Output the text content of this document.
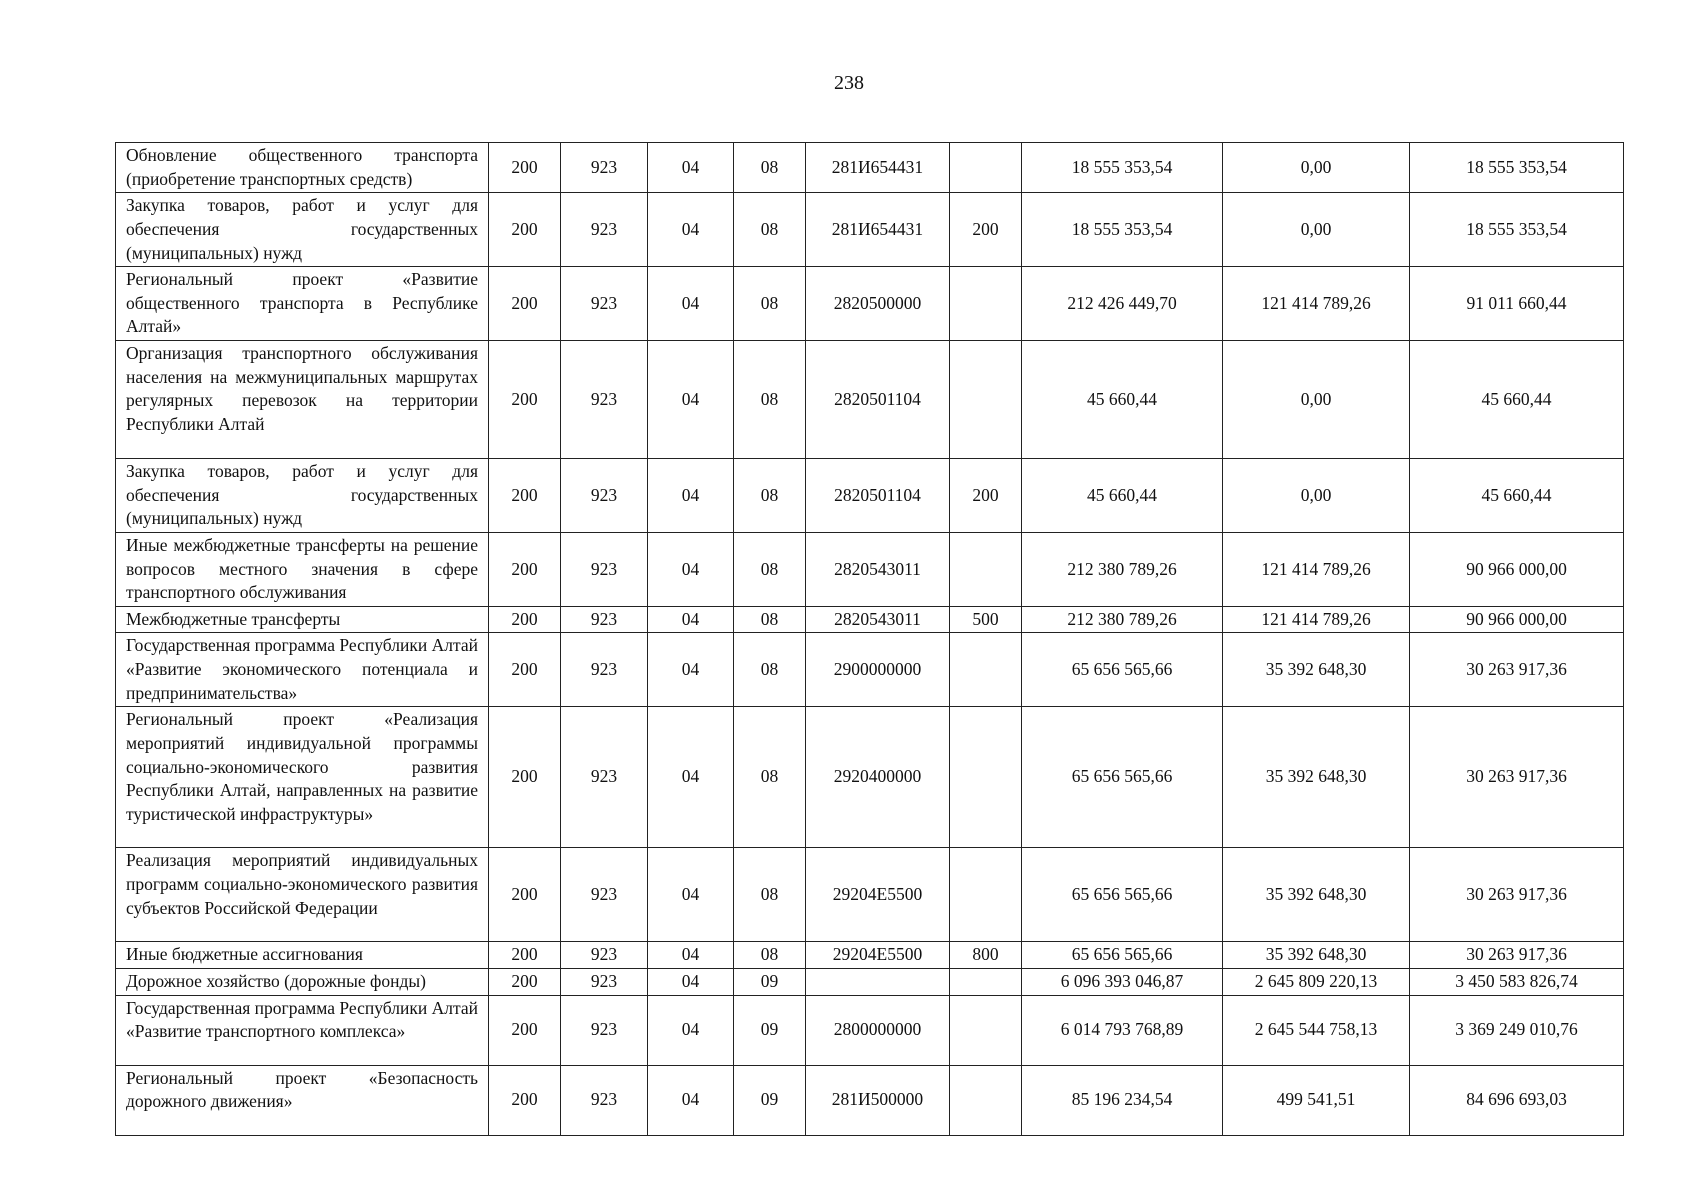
238
Обновление общественного транспорта (приобретение транспортных средств)	200	923	04	08	281И654431		18 555 353,54	0,00	18 555 353,54
Закупка товаров, работ и услуг для обеспечения государственных (муниципальных) нужд	200	923	04	08	281И654431	200	18 555 353,54	0,00	18 555 353,54
Региональный проект «Развитие общественного транспорта в Республике Алтай»	200	923	04	08	2820500000		212 426 449,70	121 414 789,26	91 011 660,44
Организация транспортного обслуживания населения на межмуниципальных маршрутах регулярных перевозок на территории Республики Алтай	200	923	04	08	2820501104		45 660,44	0,00	45 660,44
Закупка товаров, работ и услуг для обеспечения государственных (муниципальных) нужд	200	923	04	08	2820501104	200	45 660,44	0,00	45 660,44
Иные межбюджетные трансферты на решение вопросов местного значения в сфере транспортного обслуживания	200	923	04	08	2820543011		212 380 789,26	121 414 789,26	90 966 000,00
Межбюджетные трансферты	200	923	04	08	2820543011	500	212 380 789,26	121 414 789,26	90 966 000,00
Государственная программа Республики Алтай «Развитие экономического потенциала и предпринимательства»	200	923	04	08	2900000000		65 656 565,66	35 392 648,30	30 263 917,36
Региональный проект «Реализация мероприятий индивидуальной программы социально-экономического развития Республики Алтай, направленных на развитие туристической инфраструктуры»	200	923	04	08	2920400000		65 656 565,66	35 392 648,30	30 263 917,36
Реализация мероприятий индивидуальных программ социально-экономического развития субъектов Российской Федерации	200	923	04	08	29204E5500		65 656 565,66	35 392 648,30	30 263 917,36
Иные бюджетные ассигнования	200	923	04	08	29204E5500	800	65 656 565,66	35 392 648,30	30 263 917,36
Дорожное хозяйство (дорожные фонды)	200	923	04	09			6 096 393 046,87	2 645 809 220,13	3 450 583 826,74
Государственная программа Республики Алтай «Развитие транспортного комплекса»	200	923	04	09	2800000000		6 014 793 768,89	2 645 544 758,13	3 369 249 010,76
Региональный проект «Безопасность дорожного движения»	200	923	04	09	281И500000		85 196 234,54	499 541,51	84 696 693,03
